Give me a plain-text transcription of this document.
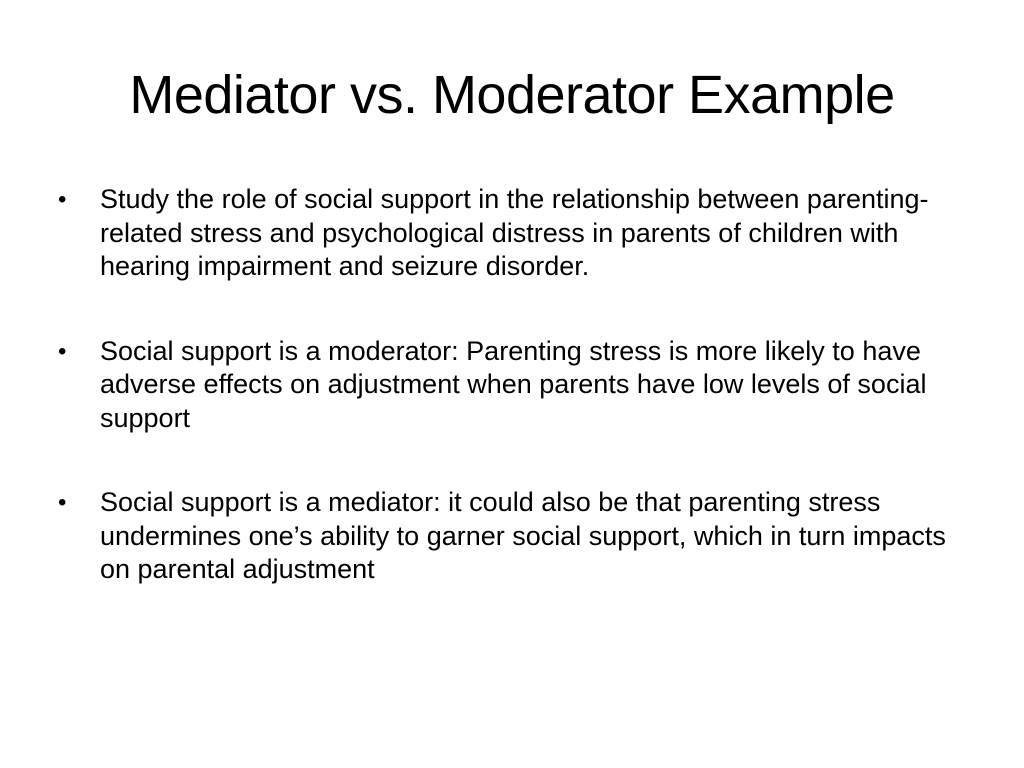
Mediator vs. Moderator Example
•	Study the role of social support in the relationship between parenting-related stress and psychological distress in parents of children with hearing impairment and seizure disorder.
•	Social support is a moderator: Parenting stress is more likely to have adverse effects on adjustment when parents have low levels of social support
•	Social support is a mediator: it could also be that parenting stress undermines one’s ability to garner social support, which in turn impacts on parental adjustment
